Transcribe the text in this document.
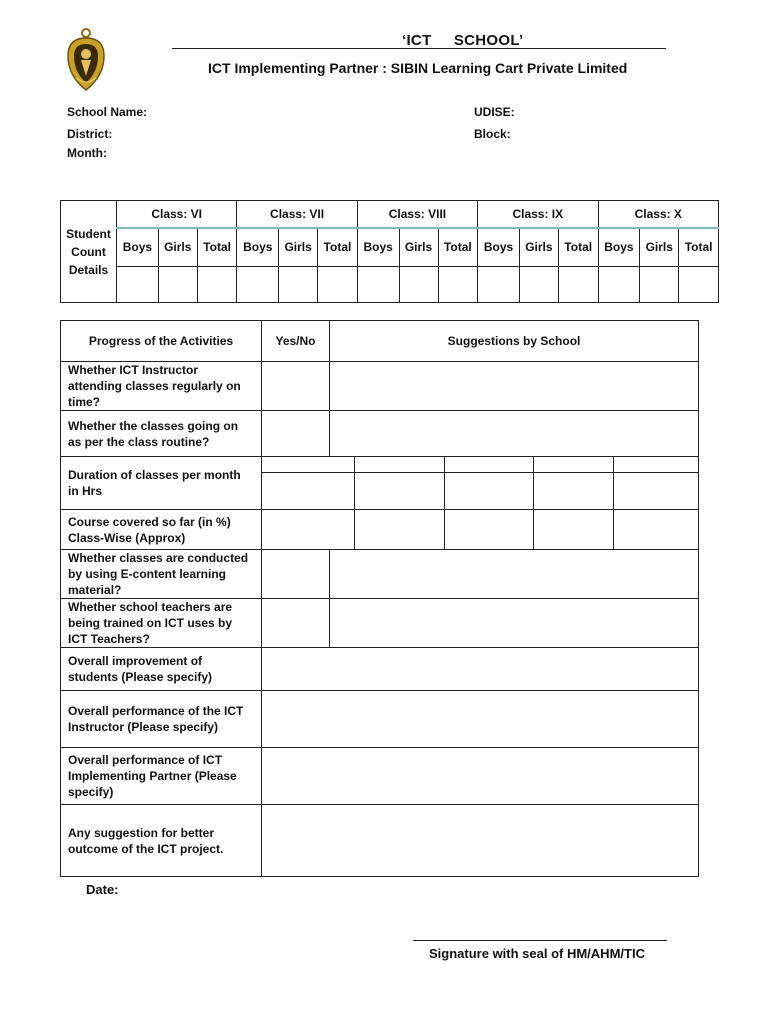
‘ICT     SCHOOL’
ICT Implementing Partner : SIBIN Learning Cart Private Limited
School Name:	UDISE:
District:	Block:
Month:
Student
Count
Details	Class: VI			Class: VII			Class: VIII			Class: IX			Class: X		
	Boys	Girls	Total	Boys	Girls	Total	Boys	Girls	Total	Boys	Girls	Total	Boys	Girls	Total

Progress of the Activities	Yes/No	Suggestions by School				
Whether ICT Instructor attending classes regularly on time?						
Whether the classes going on as per the class routine?						
Duration of classes per month in Hrs						

Course covered so far (in %) Class-Wise (Approx)						
Whether classes are conducted by using E-content learning material?						
Whether school teachers are being trained on ICT uses by ICT Teachers?						
Overall improvement of students (Please specify)						
Overall performance of the ICT Instructor (Please specify)						
Overall performance of ICT Implementing Partner (Please specify)						
Any suggestion for better outcome of the ICT project.						
Date:
Signature with seal of HM/AHM/TIC
